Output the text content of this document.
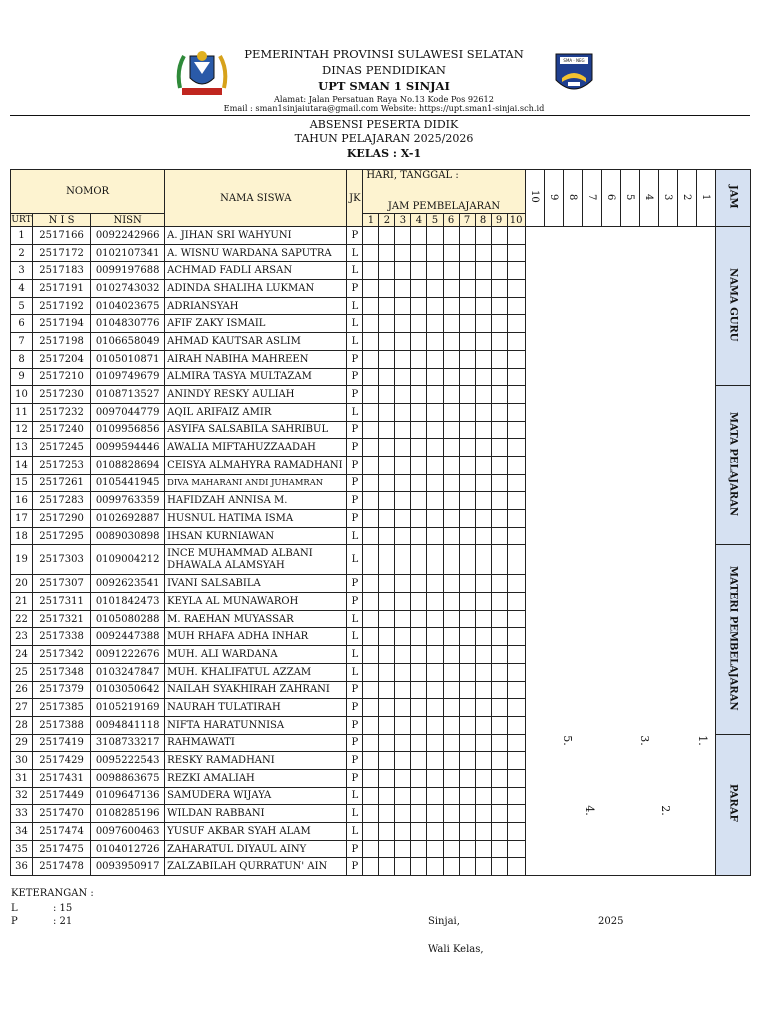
SMA · NEG
PEMERINTAH PROVINSI SULAWESI SELATAN
DINAS PENDIDIKAN
UPT SMAN 1 SINJAI
Alamat: Jalan Persatuan Raya No.13 Kode Pos 92612
Email : sman1sinjaiutara@gmail.com Website: https://upt.sman1-sinjai.sch.id
ABSENSI PESERTA DIDIK
TAHUN PELAJARAN 2025/2026
KELAS : X-1
NOMOR			NAMA SISWA	JK	HARI, TANGGAL :										10	9	8	7	6	5	4	3	2	1	JAM
					JAM PEMBELAJARAN																				
URT	N I S	NISN			1	2	3	4	5	6	7	8	9	10											
1	2517166	0092242966	A. JIHAN SRI WAHYUNI	P																					NAMA GURU
2	2517172	0102107341	A. WISNU WARDANA SAPUTRA	L																					
3	2517183	0099197688	ACHMAD FADLI ARSAN	L																					
4	2517191	0102743032	ADINDA SHALIHA LUKMAN	P																					
5	2517192	0104023675	ADRIANSYAH	L																					
6	2517194	0104830776	AFIF ZAKY ISMAIL	L																					
7	2517198	0106658049	AHMAD KAUTSAR ASLIM	L																					
8	2517204	0105010871	AIRAH NABIHA MAHREEN	P																					
9	2517210	0109749679	ALMIRA TASYA MULTAZAM	P																					
10	2517230	0108713527	ANINDY RESKY AULIAH	P																					MATA PELAJARAN
11	2517232	0097044779	AQIL ARIFAIZ AMIR	L																					
12	2517240	0109956856	ASYIFA SALSABILA SAHRIBUL	P																					
13	2517245	0099594446	AWALIA MIFTAHUZZAADAH	P																					
14	2517253	0108828694	CEISYA ALMAHYRA RAMADHANI	P																					
15	2517261	0105441945	DIVA MAHARANI ANDI JUHAMRAN	P																					
16	2517283	0099763359	HAFIDZAH ANNISA M.	P																					
17	2517290	0102692887	HUSNUL HATIMA ISMA	P																					
18	2517295	0089030898	IHSAN KURNIAWAN	L																					
19	2517303	0109004212	INCE MUHAMMAD ALBANI DHAWALA ALAMSYAH	L																					MATERI PEMBELAJARAN
20	2517307	0092623541	IVANI SALSABILA	P																					
21	2517311	0101842473	KEYLA AL MUNAWAROH	P																					
22	2517321	0105080288	M. RAEHAN MUYASSAR	L																					
23	2517338	0092447388	MUH RHAFA ADHA INHAR	L																					
24	2517342	0091222676	MUH. ALI WARDANA	L																					
25	2517348	0103247847	MUH. KHALIFATUL AZZAM	L																					
26	2517379	0103050642	NAILAH SYAKHIRAH ZAHRANI	P																					
27	2517385	0105219169	NAURAH TULATIRAH	P																					
28	2517388	0094841118	NIFTA HARATUNNISA	P																					
29	2517419	3108733217	RAHMAWATI	P																					PARAF
30	2517429	0095222543	RESKY RAMADHANI	P																					
31	2517431	0098863675	REZKI AMALIAH	P																					
32	2517449	0109647136	SAMUDERA WIJAYA	L																					
33	2517470	0108285196	WILDAN RABBANI	L																					
34	2517474	0097600463	YUSUF AKBAR SYAH ALAM	L																					
35	2517475	0104012726	ZAHARATUL DIYAUL AINY	P																					
36	2517478	0093950917	ZALZABILAH QURRATUN' AIN	P																					
5.	3.	1.
4.	2.
KETERANGAN :
L	: 15
P	: 21	Sinjai,	2025
Wali Kelas,
